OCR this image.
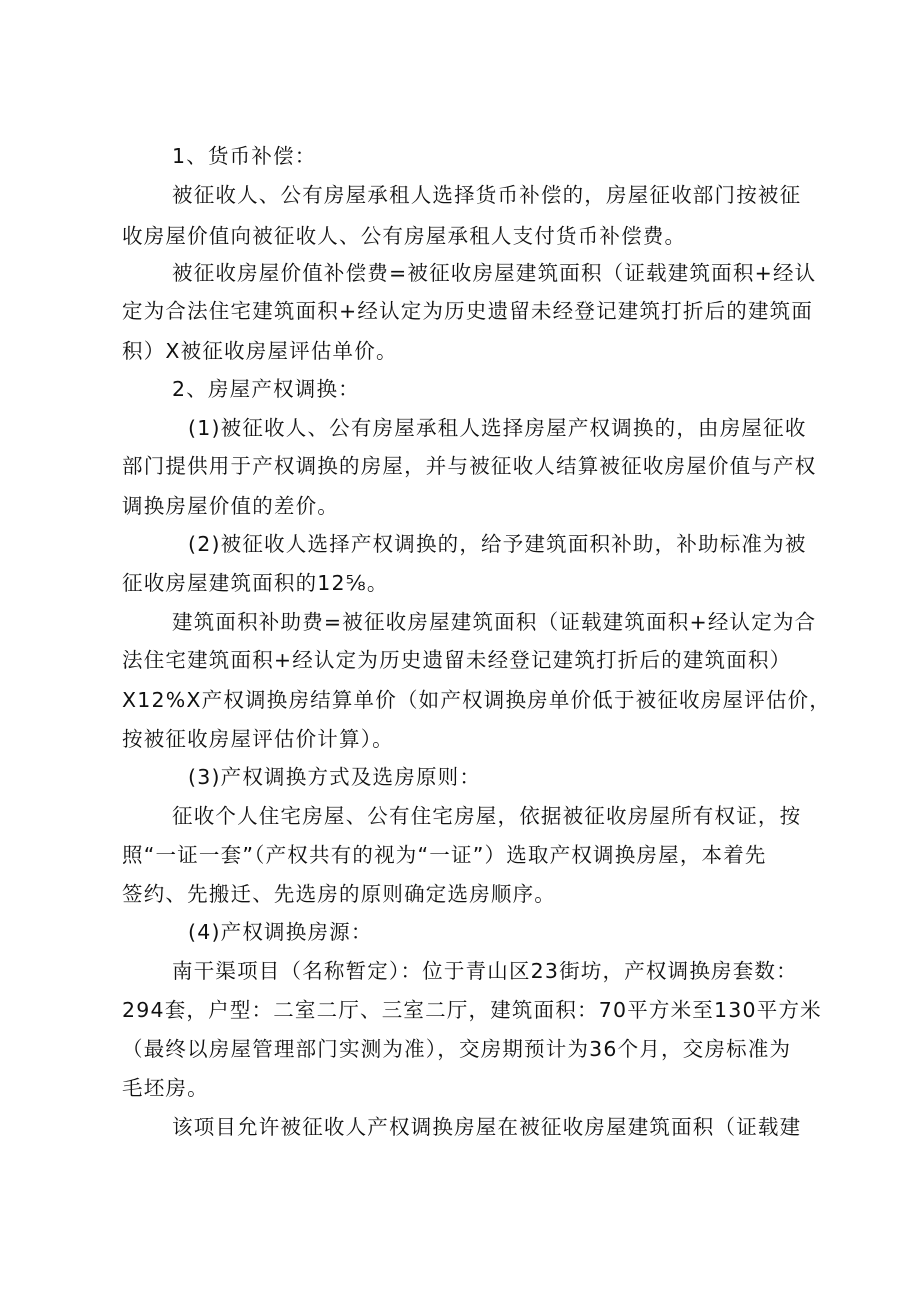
1、货币补偿：
被征收人、公有房屋承租人选择货币补偿的，房屋征收部门按被征
收房屋价值向被征收人、公有房屋承租人支付货币补偿费。
被征收房屋价值补偿费=被征收房屋建筑面积（证载建筑面积+经认
定为合法住宅建筑面积+经认定为历史遗留未经登记建筑打折后的建筑面
积）X被征收房屋评估单价。
2、房屋产权调换：
(1)被征收人、公有房屋承租人选择房屋产权调换的，由房屋征收
部门提供用于产权调换的房屋，并与被征收人结算被征收房屋价值与产权
调换房屋价值的差价。
(2)被征收人选择产权调换的，给予建筑面积补助，补助标准为被
征收房屋建筑面积的12⅝。
建筑面积补助费=被征收房屋建筑面积（证载建筑面积+经认定为合
法住宅建筑面积+经认定为历史遗留未经登记建筑打折后的建筑面积）
X12%X产权调换房结算单价（如产权调换房单价低于被征收房屋评估价，
按被征收房屋评估价计算）。
(3)产权调换方式及选房原则：
征收个人住宅房屋、公有住宅房屋，依据被征收房屋所有权证，按
照“一证一套”（产权共有的视为“一证”）选取产权调换房屋，本着先
签约、先搬迁、先选房的原则确定选房顺序。
(4)产权调换房源：
南干渠项目（名称暂定）：位于青山区23街坊，产权调换房套数：
294套，户型：二室二厅、三室二厅，建筑面积：70平方米至130平方米
（最终以房屋管理部门实测为准），交房期预计为36个月，交房标准为
毛坯房。
该项目允许被征收人产权调换房屋在被征收房屋建筑面积（证载建
